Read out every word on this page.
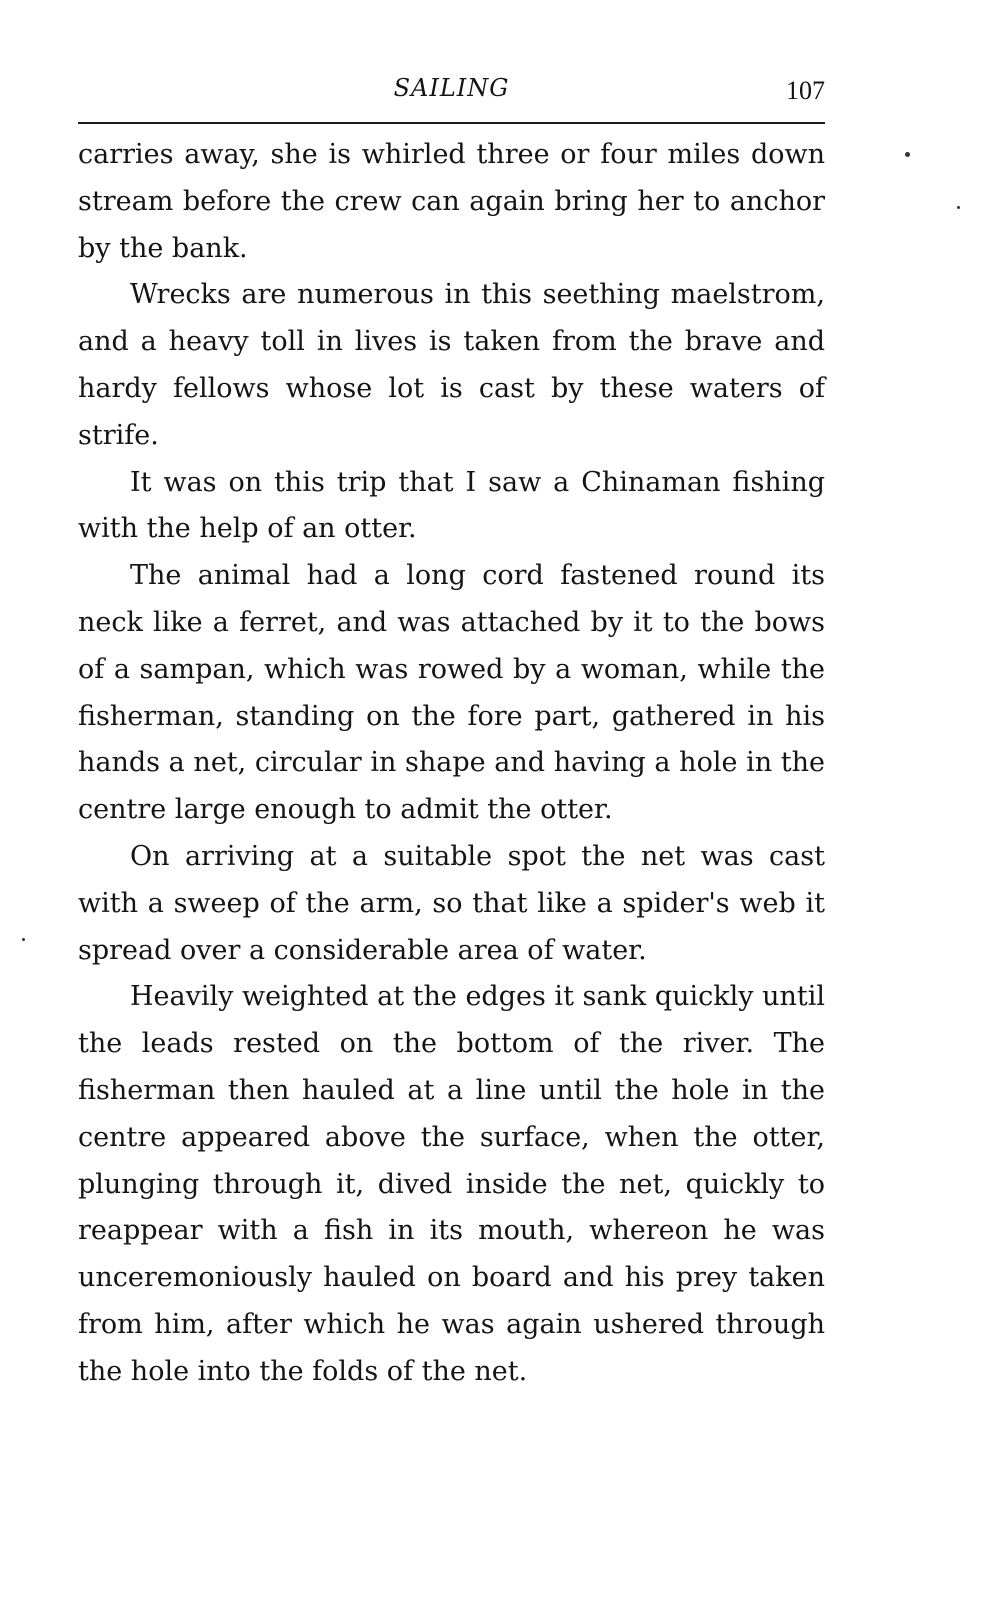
SAILING	107

carries away, she is whirled three or four miles down stream before the crew can again bring her to anchor by the bank.

Wrecks are numerous in this seething maelstrom, and a heavy toll in lives is taken from the brave and hardy fellows whose lot is cast by these waters of strife.

It was on this trip that I saw a Chinaman fishing with the help of an otter.

The animal had a long cord fastened round its neck like a ferret, and was attached by it to the bows of a sampan, which was rowed by a woman, while the fisherman, standing on the fore part, gathered in his hands a net, circular in shape and having a hole in the centre large enough to admit the otter.

On arriving at a suitable spot the net was cast with a sweep of the arm, so that like a spider's web it spread over a considerable area of water.

Heavily weighted at the edges it sank quickly until the leads rested on the bottom of the river. The fisherman then hauled at a line until the hole in the centre appeared above the surface, when the otter, plunging through it, dived inside the net, quickly to reappear with a fish in its mouth, whereon he was unceremoniously hauled on board and his prey taken from him, after which he was again ushered through the hole into the folds of the net.
